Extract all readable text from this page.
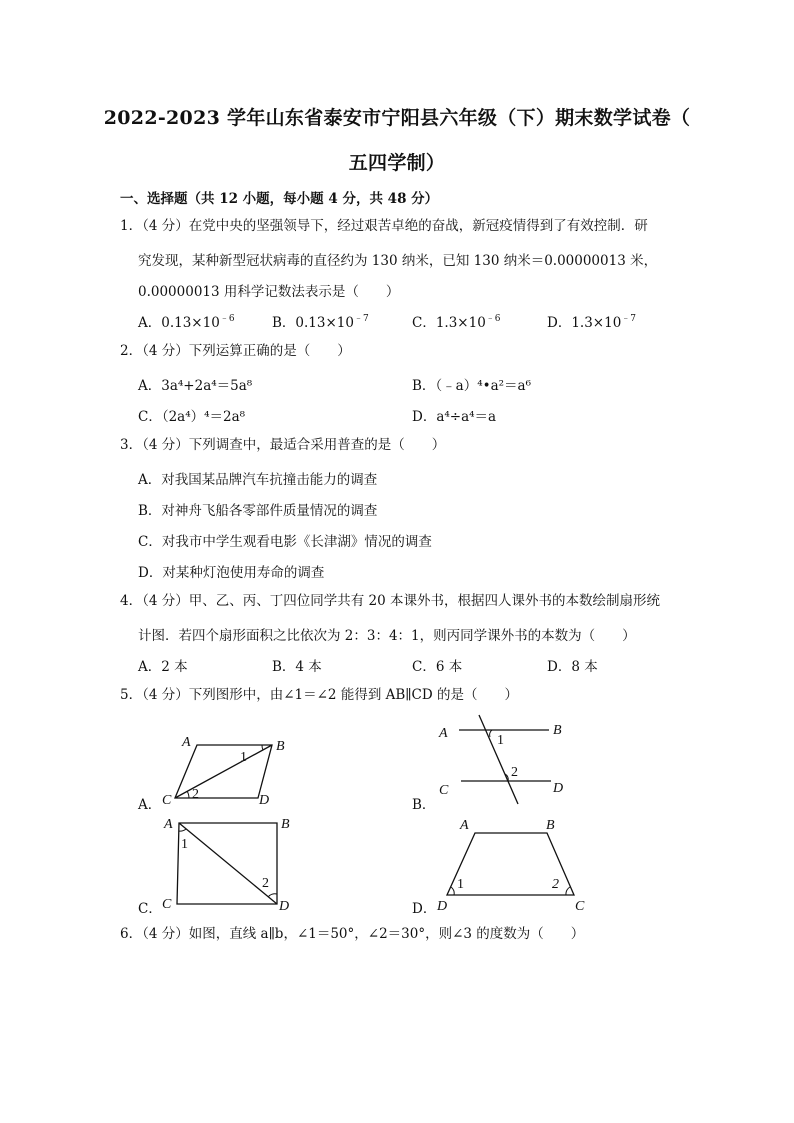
2022-2023 学年山东省泰安市宁阳县六年级（下）期末数学试卷（
五四学制）
一、选择题（共 12 小题，每小题 4 分，共 48 分）
1．（4 分）在党中央的坚强领导下，经过艰苦卓绝的奋战，新冠疫情得到了有效控制．研
究发现，某种新型冠状病毒的直径约为 130 纳米，已知 130 纳米＝0.00000013 米，
0.00000013 用科学记数法表示是（　　）
A．$0.13\times 10^{﹣6}$	B．$0.13\times 10^{﹣7}$	C．$1.3\times 10^{﹣6}$	D．$1.3\times 10^{﹣7}$
2．（4 分）下列运算正确的是（　　）
A．3a⁴+2a⁴＝5a⁸	B．（﹣a）⁴•a²＝a⁶
C．（2a⁴）⁴＝2a⁸	D．a⁴÷a⁴＝a
3．（4 分）下列调查中，最适合采用普查的是（　　）
A．对我国某品牌汽车抗撞击能力的调查
B．对神舟飞船各零部件质量情况的调查
C．对我市中学生观看电影《长津湖》情况的调查
D．对某种灯泡使用寿命的调查
4．（4 分）甲、乙、丙、丁四位同学共有 20 本课外书，根据四人课外书的本数绘制扇形统
计图．若四个扇形面积之比依次为 2：3：4：1，则丙同学课外书的本数为（　　）
A．2 本	B．4 本	C．6 本	D．8 本
5．（4 分）下列图形中，由∠1＝∠2 能得到 AB∥CD 的是（　　）
A．	B．
C．	D．
A	B
C	D
1
2
A	B
C	D
1
2
A	B
C	D
1
2
A	B
D	C
1	2
6．（4 分）如图，直线 a∥b，∠1＝50°，∠2＝30°，则∠3 的度数为（　　）
